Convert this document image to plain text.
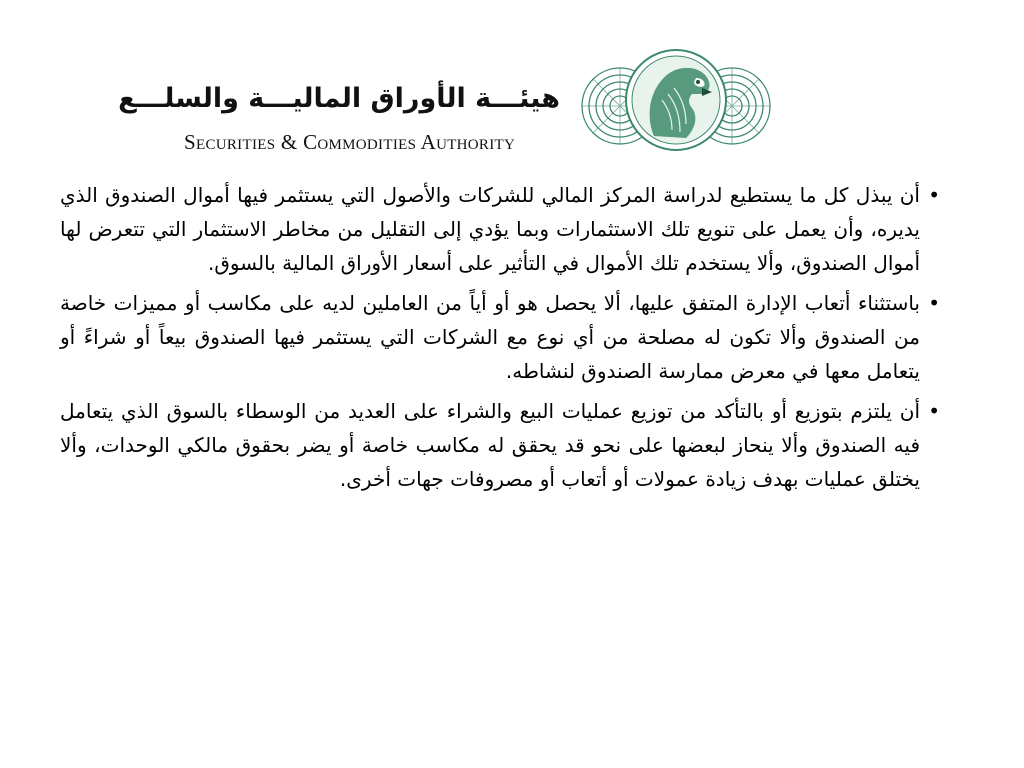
هيئـــة الأوراق الماليـــة والسلـــع
Securities & Commodities Authority
•
أن يبذل كل ما يستطيع لدراسة المركز المالي للشركات والأصول التي يستثمر فيها أموال الصندوق الذي يديره، وأن يعمل على تنويع تلك الاستثمارات وبما يؤدي إلى التقليل من مخاطر الاستثمار التي تتعرض لها أموال الصندوق، وألا يستخدم تلك الأموال في التأثير على أسعار الأوراق المالية بالسوق.
•
باستثناء أتعاب الإدارة المتفق عليها، ألا يحصل هو أو أياً من العاملين لديه على مكاسب أو مميزات خاصة من الصندوق وألا تكون له مصلحة من أي نوع مع الشركات التي يستثمر فيها الصندوق بيعاً أو شراءً أو يتعامل معها في معرض ممارسة الصندوق لنشاطه.
•
أن يلتزم بتوزيع أو بالتأكد من توزيع عمليات البيع والشراء على العديد من الوسطاء بالسوق الذي يتعامل فيه الصندوق وألا ينحاز لبعضها على نحو قد يحقق له مكاسب خاصة أو يضر بحقوق مالكي الوحدات، وألا يختلق عمليات بهدف زيادة عمولات أو أتعاب أو مصروفات جهات أخرى.
